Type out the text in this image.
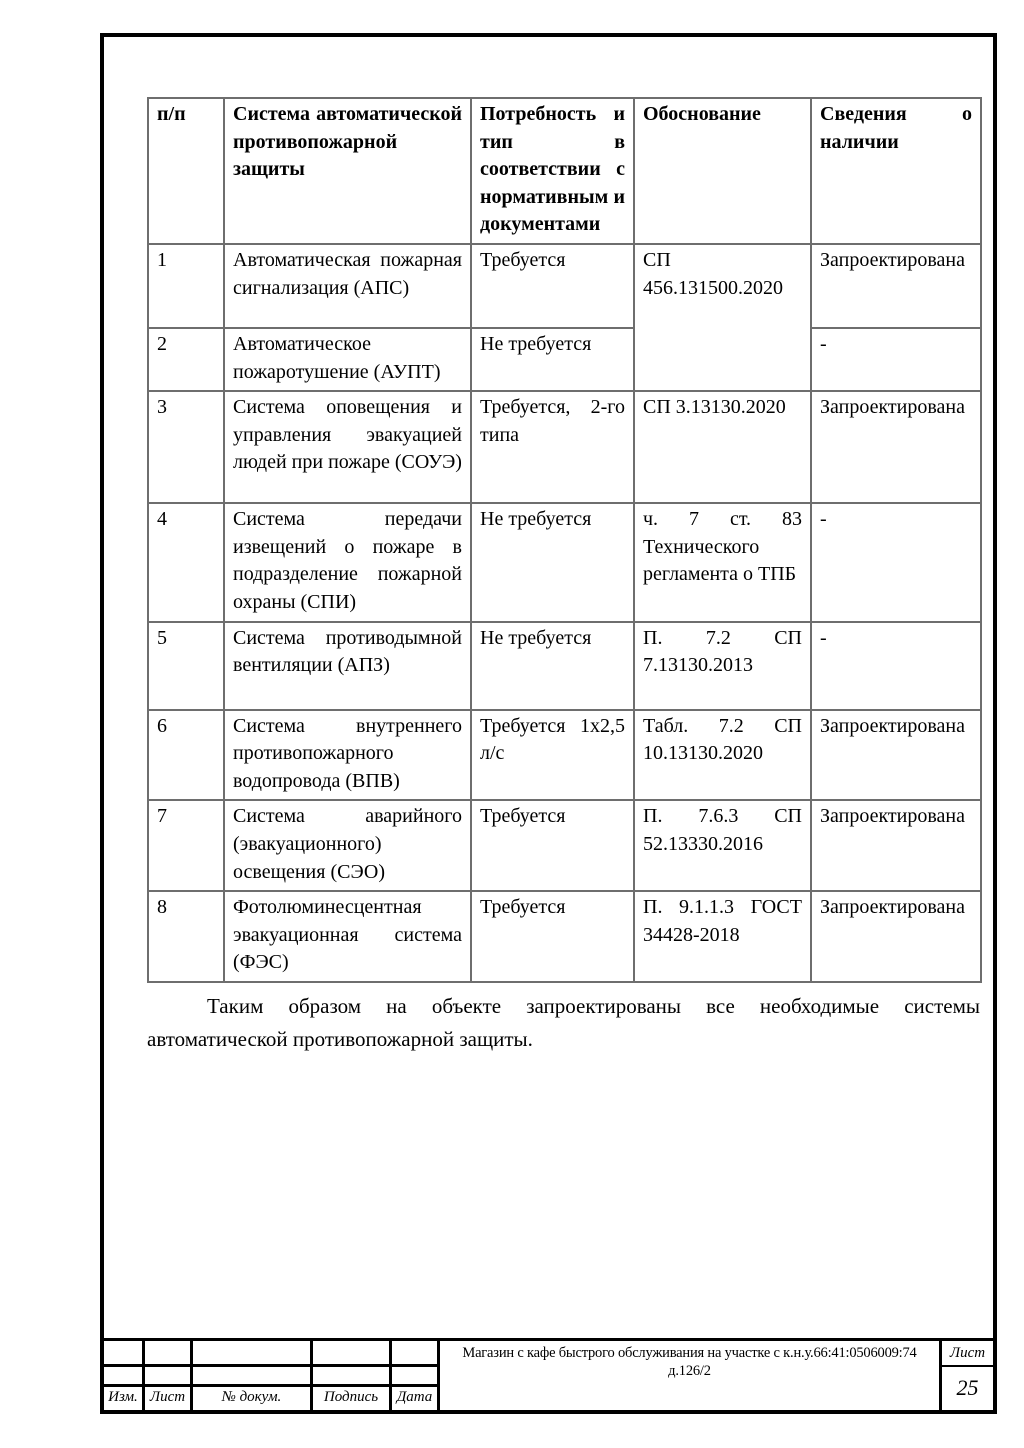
п/п	Система автоматической противопожарной защиты	Потребность и тип в соответствии с нормативным и документами	Обоснование	Сведения о наличии
1	Автоматическая пожарная сигнализация (АПС)	Требуется	СП 456.131500.2020	Запроектирована
2	Автоматическое пожаротушение (АУПТ)	Не требуется		-
3	Система оповещения и управления эвакуацией людей при пожаре (СОУЭ)	Требуется, 2-го типа	СП 3.13130.2020	Запроектирована
4	Система передачи извещений о пожаре в подразделение пожарной охраны (СПИ)	Не требуется	ч. 7 ст. 83 Технического регламента о ТПБ	-
5	Система противодымной вентиляции (АПЗ)	Не требуется	П. 7.2 СП 7.13130.2013	-
6	Система внутреннего противопожарного водопровода (ВПВ)	Требуется 1х2,5 л/с	Табл. 7.2 СП 10.13130.2020	Запроектирована
7	Система аварийного (эвакуационного) освещения (СЭО)	Требуется	П. 7.6.3 СП 52.13330.2016	Запроектирована
8	Фотолюминесцентная эвакуационная система (ФЭС)	Требуется	П. 9.1.1.3 ГОСТ 34428-2018	Запроектирована

Таким образом на объекте запроектированы все необходимые системы автоматической противопожарной защиты.

Изм. Лист	№ докум.	Подпись	Дата
Магазин с кафе быстрого обслуживания на участке с к.н.у.66:41:0506009:74 д.126/2
Лист
25
